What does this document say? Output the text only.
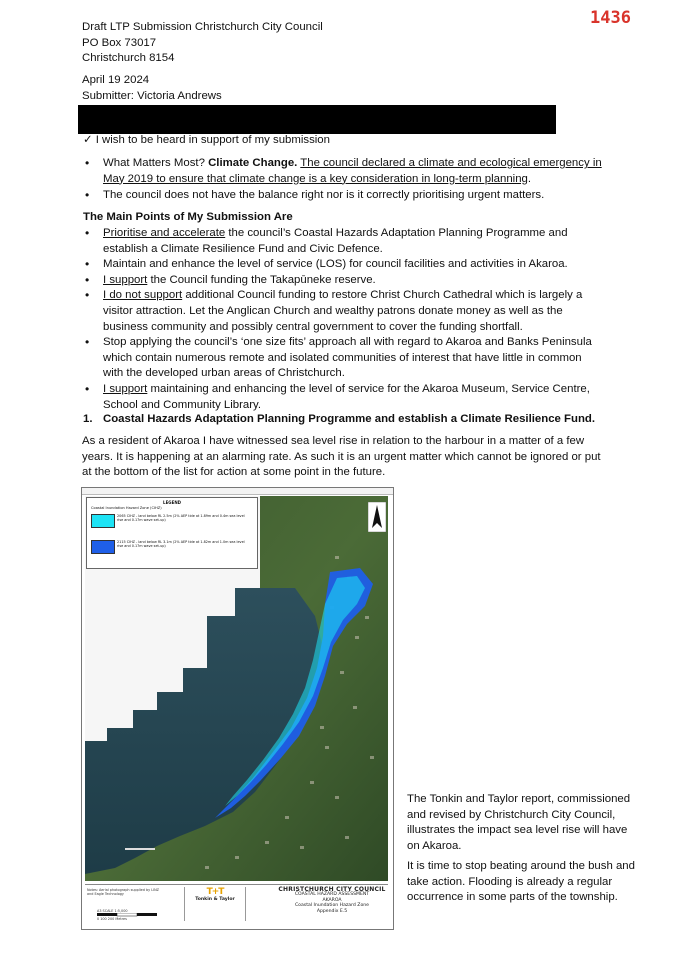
1436
Draft LTP Submission Christchurch City Council
PO Box 73017
Christchurch 8154
April 19 2024
Submitter: Victoria Andrews
✓ I wish to be heard in support of my submission
• What Matters Most? Climate Change. The council declared a climate and ecological emergency in May 2019 to ensure that climate change is a key consideration in long-term planning.
• The council does not have the balance right nor is it correctly prioritising urgent matters.
The Main Points of My Submission Are
• Prioritise and accelerate the council’s Coastal Hazards Adaptation Planning Programme and establish a Climate Resilience Fund and Civic Defence.
• Maintain and enhance the level of service (LOS) for council facilities and activities in Akaroa.
• I support the Council funding the Takapūneke reserve.
• I do not support additional Council funding to restore Christ Church Cathedral which is largely a visitor attraction. Let the Anglican Church and wealthy patrons donate money as well as the business community and possibly central government to cover the funding shortfall.
• Stop applying the council’s ‘one size fits’ approach all with regard to Akaroa and Banks Peninsula which contain numerous remote and isolated communities of interest that have little in common with the developed urban areas of Christchurch.
• I support maintaining and enhancing the level of service for the Akaroa Museum, Service Centre, School and Community Library.
1. Coastal Hazards Adaptation Planning Programme and establish a Climate Resilience Fund.

As a resident of Akaroa I have witnessed sea level rise in relation to the harbour in a matter of a few years. It is happening at an alarming rate. As such it is an urgent matter which cannot be ignored or put at the bottom of the list for action at some point in the future.

LEGEND
Coastal Inundation Hazard Zone (CIHZ)
2065 CIHZ - land below RL 2.5m (2% AEP tide at 1.89m and 0.4m sea level rise and 0.17m wave set-up)
2115 CIHZ - land below RL 3.1m (2% AEP tide at 1.82m and 1.0m sea level rise and 0.17m wave set-up)
Notes: Aerial photograph supplied by LINZ and Eagle Technology
A3 SCALE 1:5,000
0 100 200 Metres
T+T
Tonkin & Taylor
CHRISTCHURCH CITY COUNCIL
COASTAL HAZARD ASSESSMENT
AKAROA
Coastal Inundation Hazard Zone
Appendix E.5

The Tonkin and Taylor report, commissioned and revised by Christchurch City Council, illustrates the impact sea level rise will have on Akaroa.

It is time to stop beating around the bush and take action. Flooding is already a regular occurrence in some parts of the township.
